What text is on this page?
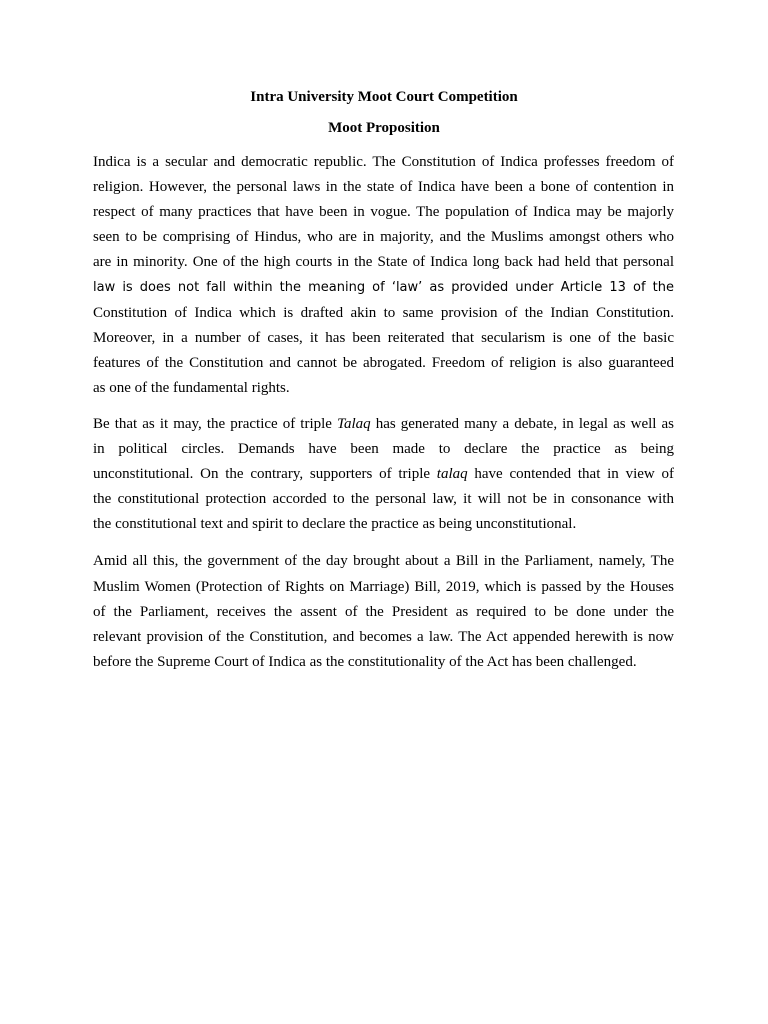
Intra University Moot Court Competition
Moot Proposition
Indica is a secular and democratic republic. The Constitution of Indica professes freedom of
religion. However, the personal laws in the state of Indica have been a bone of contention in
respect of many practices that have been in vogue. The population of Indica may be majorly
seen to be comprising of Hindus, who are in majority, and the Muslims amongst others who
are in minority. One of the high courts in the State of Indica long back had held that personal
law is does not fall within the meaning of ‘law’ as provided under Article 13 of the
Constitution of Indica which is drafted akin to same provision of the Indian Constitution.
Moreover, in a number of cases, it has been reiterated that secularism is one of the basic
features of the Constitution and cannot be abrogated. Freedom of religion is also guaranteed
as one of the fundamental rights.
Be that as it may, the practice of triple Talaq has generated many a debate, in legal as well as
in political circles. Demands have been made to declare the practice as being
unconstitutional. On the contrary, supporters of triple talaq have contended that in view of
the constitutional protection accorded to the personal law, it will not be in consonance with
the constitutional text and spirit to declare the practice as being unconstitutional.
Amid all this, the government of the day brought about a Bill in the Parliament, namely, The
Muslim Women (Protection of Rights on Marriage) Bill, 2019, which is passed by the Houses
of the Parliament, receives the assent of the President as required to be done under the
relevant provision of the Constitution, and becomes a law. The Act appended herewith is now
before the Supreme Court of Indica as the constitutionality of the Act has been challenged.
